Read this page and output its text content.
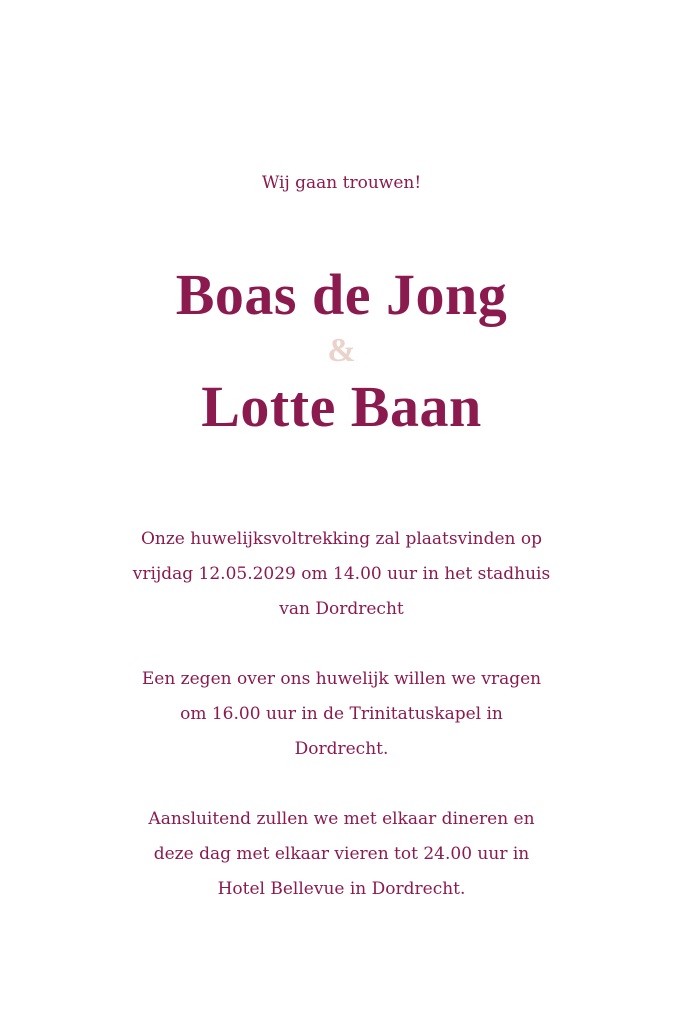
Wij gaan trouwen!
Boas de Jong
&
Lotte Baan

Onze huwelijksvoltrekking zal plaatsvinden op vrijdag 12.05.2029 om 14.00 uur in het stadhuis van Dordrecht

Een zegen over ons huwelijk willen we vragen om 16.00 uur in de Trinitatuskapel in Dordrecht.

Aansluitend zullen we met elkaar dineren en deze dag met elkaar vieren tot 24.00 uur in Hotel Bellevue in Dordrecht.
